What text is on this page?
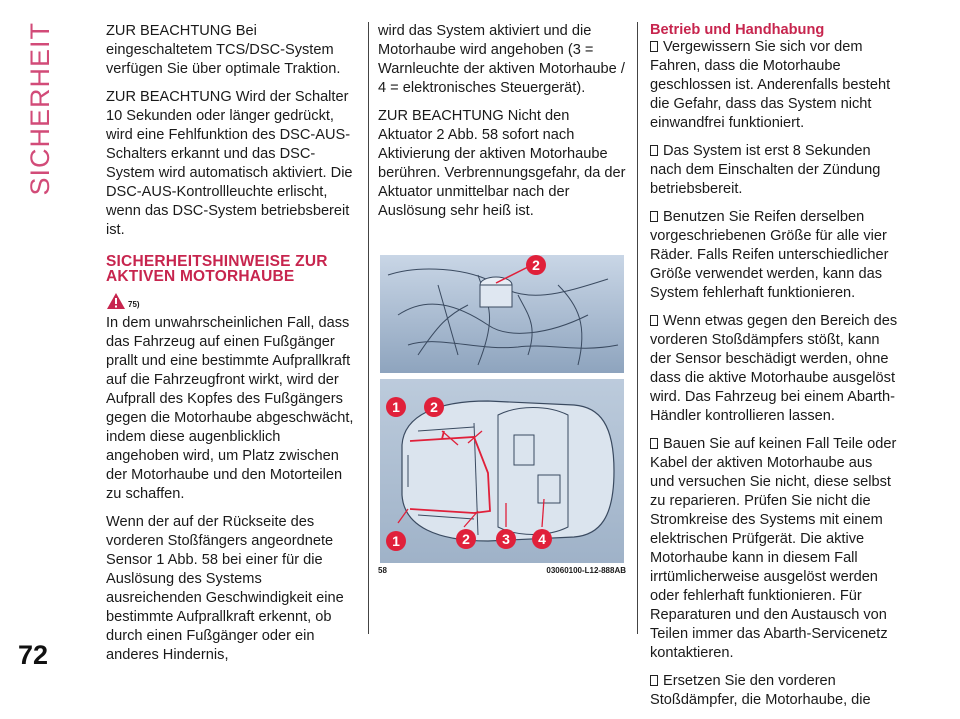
SICHERHEIT
72

ZUR BEACHTUNG Bei eingeschaltetem TCS/DSC-System verfügen Sie über optimale Traktion.

ZUR BEACHTUNG Wird der Schalter 10 Sekunden oder länger gedrückt, wird eine Fehlfunktion des DSC-AUS-Schalters erkannt und das DSC-System wird automatisch aktiviert. Die DSC-AUS-Kontrollleuchte erlischt, wenn das DSC-System betriebsbereit ist.

SICHERHEITSHINWEISE ZUR AKTIVEN MOTORHAUBE
75)

In dem unwahrscheinlichen Fall, dass das Fahrzeug auf einen Fußgänger prallt und eine bestimmte Aufprallkraft auf die Fahrzeugfront wirkt, wird der Aufprall des Kopfes des Fußgängers gegen die Motorhaube abgeschwächt, indem diese augenblicklich angehoben wird, um Platz zwischen der Motorhaube und den Motorteilen zu schaffen.

Wenn der auf der Rückseite des vorderen Stoßfängers angeordnete Sensor 1 Abb. 58 bei einer für die Auslösung des Systems ausreichenden Geschwindigkeit eine bestimmte Aufprallkraft erkennt, ob durch einen Fußgänger oder ein anderes Hindernis,

wird das System aktiviert und die Motorhaube wird angehoben (3 = Warnleuchte der aktiven Motorhaube / 4 = elektronisches Steuergerät).

ZUR BEACHTUNG Nicht den Aktuator 2 Abb. 58 sofort nach Aktivierung der aktiven Motorhaube berühren. Verbrennungsgefahr, da der Aktuator unmittelbar nach der Auslösung sehr heiß ist.

2
1 2
1	2 3 4
58	03060100-L12-888AB
Betrieb und Handhabung

Vergewissern Sie sich vor dem Fahren, dass die Motorhaube geschlossen ist. Anderenfalls besteht die Gefahr, dass das System nicht einwandfrei funktioniert.

Das System ist erst 8 Sekunden nach dem Einschalten der Zündung betriebsbereit.

Benutzen Sie Reifen derselben vorgeschriebenen Größe für alle vier Räder. Falls Reifen unterschiedlicher Größe verwendet werden, kann das System fehlerhaft funktionieren.

Wenn etwas gegen den Bereich des vorderen Stoßdämpfers stößt, kann der Sensor beschädigt werden, ohne dass die aktive Motorhaube ausgelöst wird. Das Fahrzeug bei einem Abarth-Händler kontrollieren lassen.

Bauen Sie auf keinen Fall Teile oder Kabel der aktiven Motorhaube aus und versuchen Sie nicht, diese selbst zu reparieren. Prüfen Sie nicht die Stromkreise des Systems mit einem elektrischen Prüfgerät. Die aktive Motorhaube kann in diesem Fall irrtümlicherweise ausgelöst werden oder fehlerhaft funktionieren. Für Reparaturen und den Austausch von Teilen immer das Abarth-Servicenetz kontaktieren.

Ersetzen Sie den vorderen Stoßdämpfer, die Motorhaube, die
